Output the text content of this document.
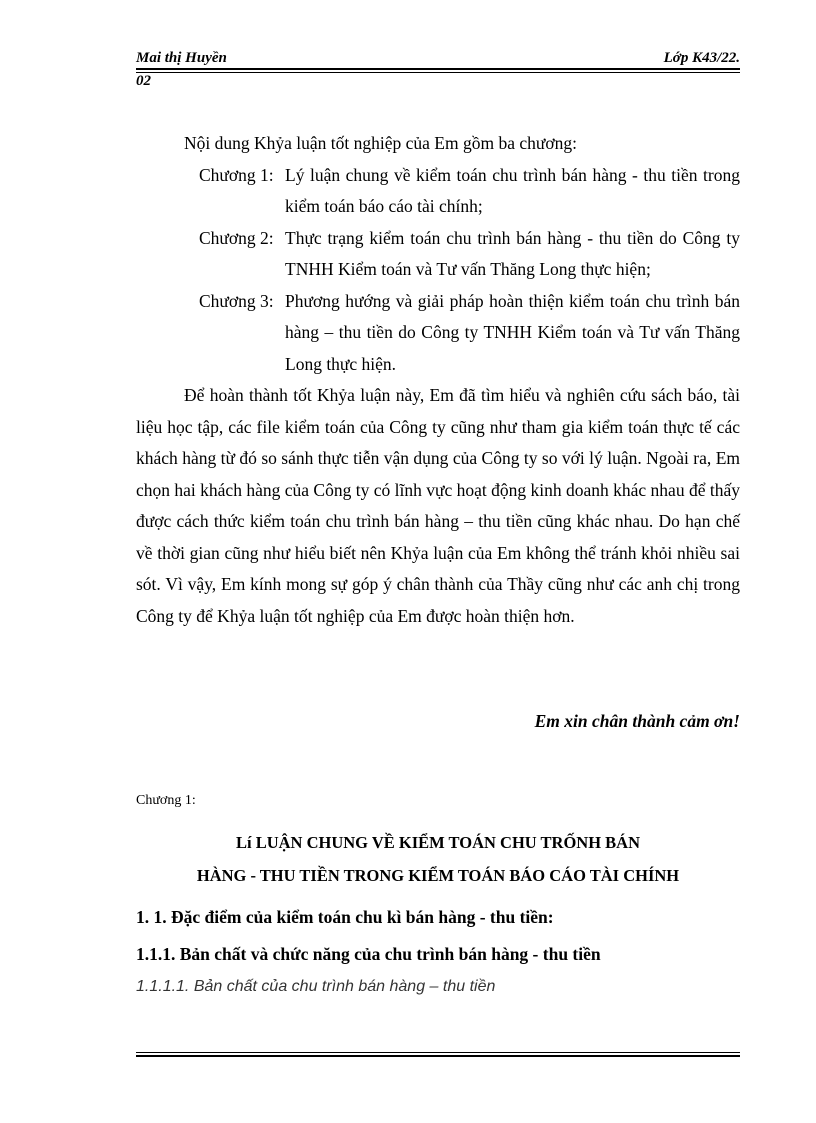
Mai thị Huyền	Lớp K43/22.
02

Nội dung Khỷa luận tốt nghiệp của Em gồm ba chương:

Chương 1: Lý luận chung về kiểm toán chu trình bán hàng - thu tiền trong kiểm toán báo cáo tài chính;
Chương 2: Thực trạng kiểm toán chu trình bán hàng - thu tiền do Công ty TNHH Kiểm toán và Tư vấn Thăng Long thực hiện;
Chương 3: Phương hướng và giải pháp hoàn thiện kiểm toán chu trình bán hàng – thu tiền do Công ty TNHH Kiểm toán và Tư vấn Thăng Long thực hiện.

Để hoàn thành tốt Khỷa luận này, Em đã tìm hiểu và nghiên cứu sách báo, tài liệu học tập, các file kiểm toán của Công ty cũng như tham gia kiểm toán thực tế các khách hàng từ đó so sánh thực tiễn vận dụng của Công ty so với lý luận. Ngoài ra, Em chọn hai khách hàng của Công ty có lĩnh vực hoạt động kinh doanh khác nhau để thấy được cách thức kiểm toán chu trình bán hàng – thu tiền cũng khác nhau. Do hạn chế về thời gian cũng như hiểu biết nên Khỷa luận của Em không thể tránh khỏi nhiều sai sót. Vì vậy, Em kính mong sự góp ý chân thành của Thầy cũng như các anh chị trong Công ty để Khỷa luận tốt nghiệp của Em được hoàn thiện hơn.

Em xin chân thành cảm ơn!
Chương 1:
Lí LUẬN CHUNG VỀ KIỂM TOÁN CHU TRỐNH BÁN
HÀNG - THU TIỀN TRONG KIỂM TOÁN BÁO CÁO TÀI CHÍNH
1. 1. Đặc điểm của kiểm toán chu kì bán hàng - thu tiền:
1.1.1. Bản chất và chức năng của chu trình bán hàng - thu tiền
1.1.1.1. Bản chất của chu trình bán hàng – thu tiền
